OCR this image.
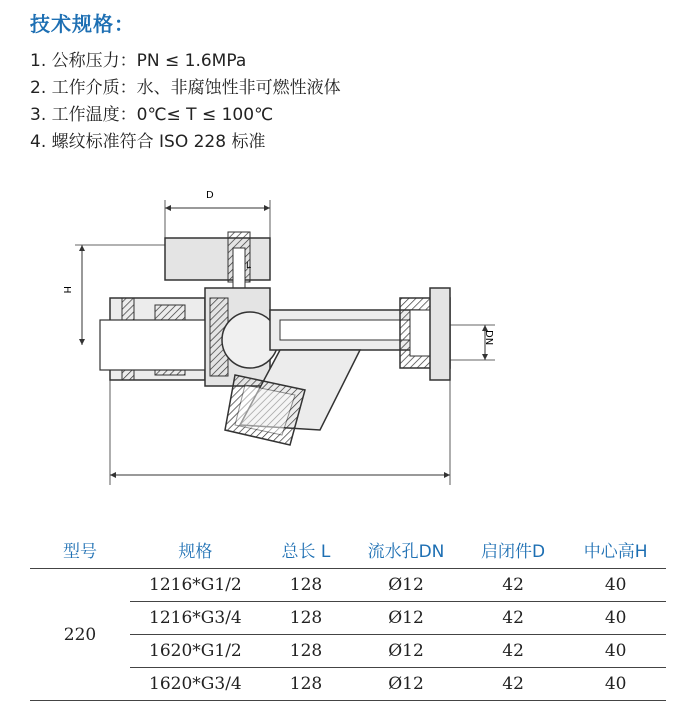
技术规格：
1. 公称压力：PN ≤ 1.6MPa
2. 工作介质：水、非腐蚀性非可燃性液体
3. 工作温度：0℃≤ T ≤ 100℃
4. 螺纹标准符合 ISO 228 标准
D
H
L
DN
型号	规格	总长 L	流水孔DN	启闭件D	中心高H
220	1216*G1/2	128	Ø12	42	40
	1216*G3/4	128	Ø12	42	40
	1620*G1/2	128	Ø12	42	40
	1620*G3/4	128	Ø12	42	40
